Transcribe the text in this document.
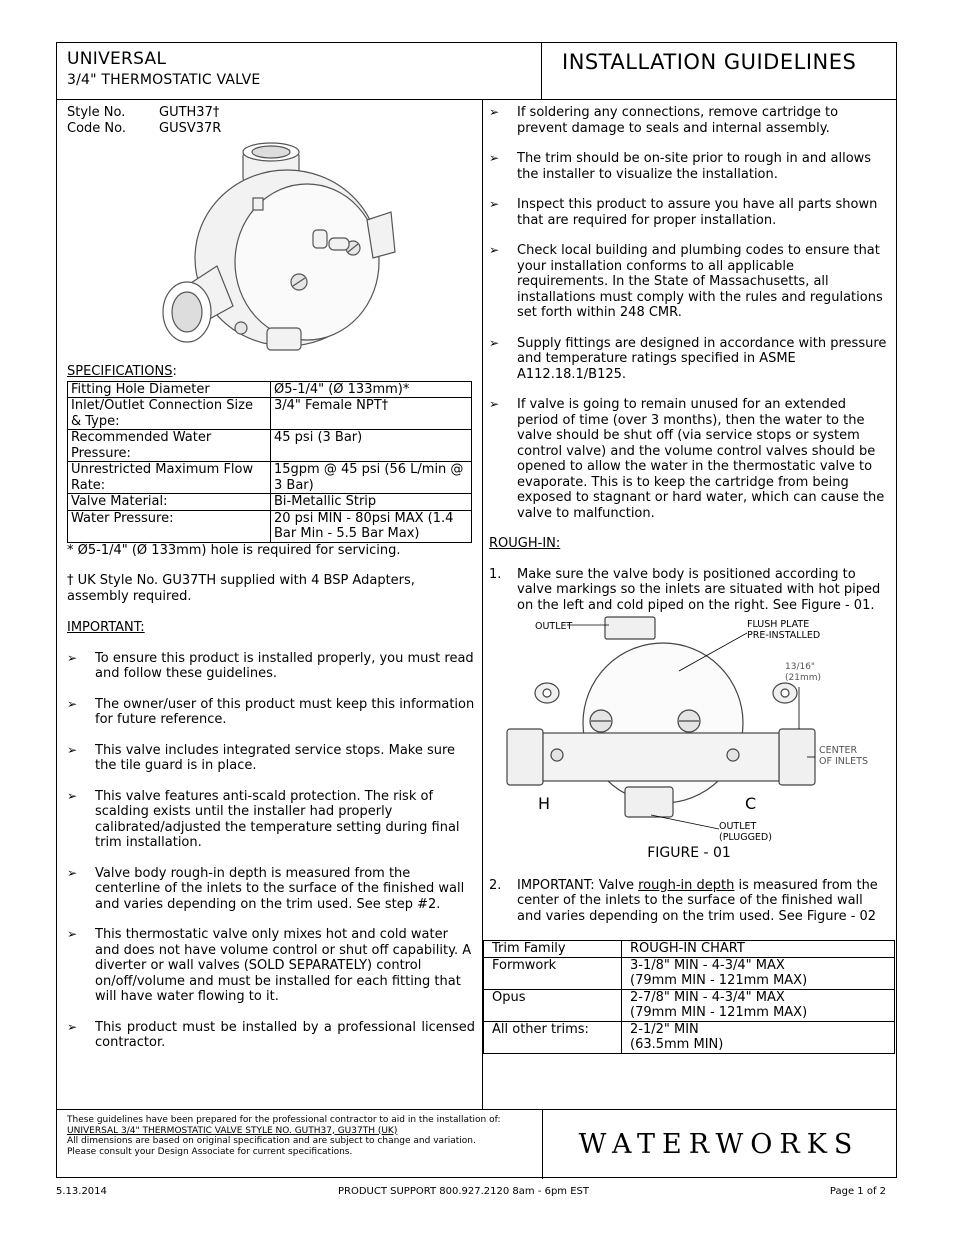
UNIVERSAL
3/4" THERMOSTATIC VALVE
INSTALLATION GUIDELINES
Style No.	GUTH37†
Code No.	GUSV37R
SPECIFICATIONS:
Fitting Hole Diameter	Ø5-1/4" (Ø 133mm)*
Inlet/Outlet Connection Size & Type:	3/4" Female NPT†
Recommended Water Pressure:	45 psi (3 Bar)
Unrestricted Maximum Flow Rate:	15gpm @ 45 psi (56 L/min @ 3 Bar)
Valve Material:	Bi-Metallic Strip
Water Pressure:	20 psi MIN - 80psi MAX (1.4 Bar Min - 5.5 Bar Max)
* Ø5-1/4" (Ø 133mm) hole is required for servicing.
† UK Style No. GU37TH supplied with 4 BSP Adapters, assembly required.
IMPORTANT:
➢	To ensure this product is installed properly, you must read and follow these guidelines.
➢	The owner/user of this product must keep this information for future reference.
➢	This valve includes integrated service stops. Make sure the tile guard is in place.
➢	This valve features anti-scald protection. The risk of scalding exists until the installer had properly calibrated/adjusted the temperature setting during final trim installation.
➢	Valve body rough-in depth is measured from the centerline of the inlets to the surface of the finished wall and varies depending on the trim used. See step #2.
➢	This thermostatic valve only mixes hot and cold water and does not have volume control or shut off capability. A diverter or wall valves (SOLD SEPARATELY) control on/off/volume and must be installed for each fitting that will have water flowing to it.
➢	This product must be installed by a professional licensed contractor.
➢	If soldering any connections, remove cartridge to prevent damage to seals and internal assembly.
➢	The trim should be on-site prior to rough in and allows the installer to visualize the installation.
➢	Inspect this product to assure you have all parts shown that are required for proper installation.
➢	Check local building and plumbing codes to ensure that your installation conforms to all applicable requirements. In the State of Massachusetts, all installations must comply with the rules and regulations set forth within 248 CMR.
➢	Supply fittings are designed in accordance with pressure and temperature ratings specified in ASME A112.18.1/B125.
➢	If valve is going to remain unused for an extended period of time (over 3 months), then the water to the valve should be shut off (via service stops or system control valve) and the volume control valves should be opened to allow the water in the thermostatic valve to evaporate. This is to keep the cartridge from being exposed to stagnant or hard water, which can cause the valve to malfunction.
ROUGH-IN:
1.	Make sure the valve body is positioned according to valve markings so the inlets are situated with hot piped on the left and cold piped on the right. See Figure - 01.
OUTLET	FLUSH PLATE
PRE-INSTALLED
13/16"
(21mm)
CENTER
OF INLETS
H	C
OUTLET
(PLUGGED)
FIGURE - 01
2.	IMPORTANT: Valve rough-in depth is measured from the center of the inlets to the surface of the finished wall and varies depending on the trim used. See Figure - 02
Trim Family	ROUGH-IN CHART
Formwork	3-1/8" MIN - 4-3/4" MAX
(79mm MIN - 121mm MAX)

Opus	2-7/8" MIN - 4-3/4" MAX
(79mm MIN - 121mm MAX)

All other trims:	2-1/2" MIN
(63.5mm MIN)
These guidelines have been prepared for the professional contractor to aid in the installation of:
UNIVERSAL 3/4" THERMOSTATIC VALVE STYLE NO. GUTH37, GU37TH (UK)
All dimensions are based on original specification and are subject to change and variation.
Please consult your Design Associate for current specifications.	WATERWORKS
5.13.2014	PRODUCT SUPPORT 800.927.2120 8am - 6pm EST	Page 1 of 2
